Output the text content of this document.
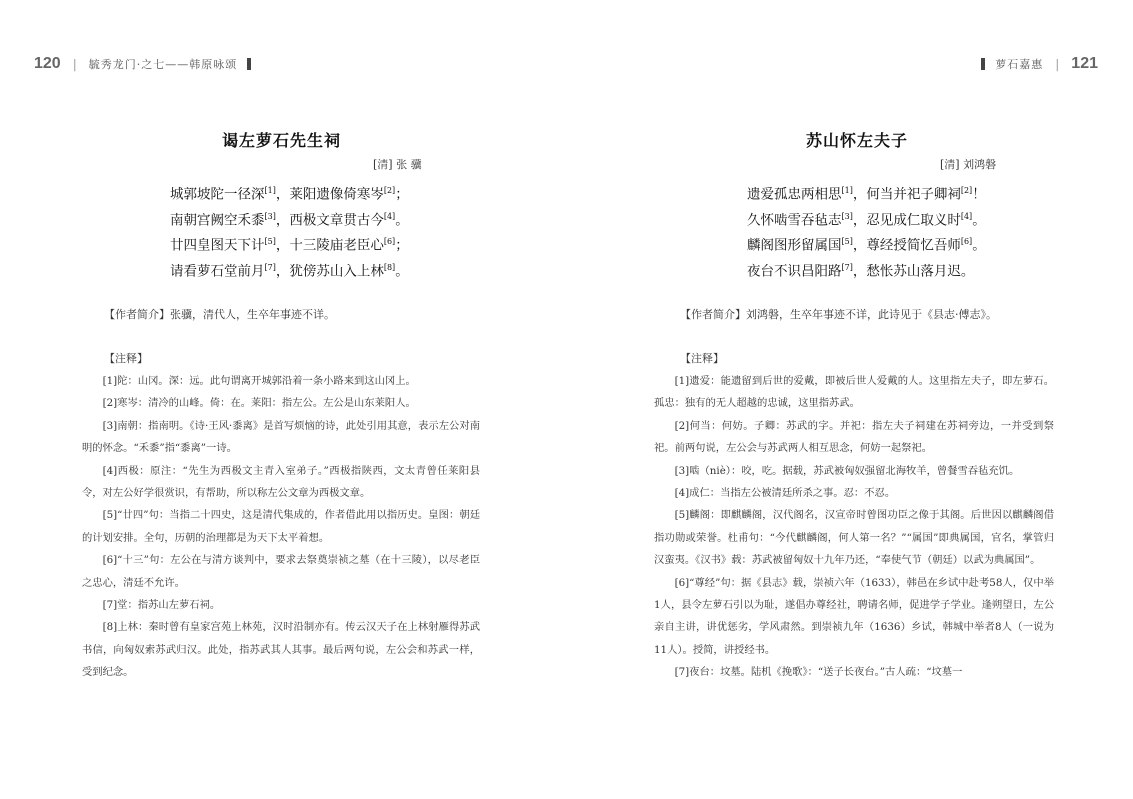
120 | 毓秀龙门·之七——韩原咏颂
谒左萝石先生祠
[清] 张 骥
城郭坡陀一径深[1]，莱阳遗像倚寒岑[2]；
南朝宫阙空禾黍[3]，西极文章贯古今[4]。
廿四皇图天下计[5]，十三陵庙老臣心[6]；
请看萝石堂前月[7]，犹傍苏山入上林[8]。
【作者简介】张骥，清代人，生卒年事迹不详。
【注释】

[1]陀：山冈。深：远。此句谓离开城郭沿着一条小路来到这山冈上。

[2]寒岑：清冷的山峰。倚：在。莱阳：指左公。左公是山东莱阳人。

[3]南朝：指南明。《诗·王风·黍离》是首写烦恼的诗，此处引用其意，表示左公对南明的怀念。“禾黍”指“黍离”一诗。

[4]西极：原注：“先生为西极文主青入室弟子。”西极指陕西，文太青曾任莱阳县令，对左公好学很赏识，有帮助，所以称左公文章为西极文章。

[5]“廿四”句：当指二十四史，这是清代集成的，作者借此用以指历史。皇图：朝廷的计划安排。全句，历朝的治理都是为天下太平着想。

[6]“十三”句：左公在与清方谈判中，要求去祭奠崇祯之墓（在十三陵），以尽老臣之忠心，清廷不允许。

[7]堂：指苏山左萝石祠。

[8]上林：秦时曾有皇家宫苑上林苑，汉时沿制亦有。传云汉天子在上林射雁得苏武书信，向匈奴索苏武归汉。此处，指苏武其人其事。最后两句说，左公会和苏武一样，受到纪念。

萝石嘉惠 | 121
苏山怀左夫子
[清] 刘鸿磐
遗爱孤忠两相思[1]，何当并祀子卿祠[2]！
久怀啮雪吞毡志[3]，忍见成仁取义时[4]。
麟阁图形留属国[5]，尊经授简忆吾师[6]。
夜台不识昌阳路[7]，愁怅苏山落月迟。
【作者简介】刘鸿磐，生卒年事迹不详，此诗见于《县志·傅志》。
【注释】

[1]遗爱：能遗留到后世的爱戴，即被后世人爱戴的人。这里指左夫子，即左萝石。孤忠：独有的无人超越的忠诚，这里指苏武。

[2]何当：何妨。子卿：苏武的字。并祀：指左夫子祠建在苏祠旁边，一并受到祭祀。前两句说，左公会与苏武两人相互思念，何妨一起祭祀。

[3]啮（niè）：咬，吃。据载，苏武被匈奴强留北海牧羊，曾餐雪吞毡充饥。

[4]成仁：当指左公被清廷所杀之事。忍：不忍。

[5]麟阁：即麒麟阁，汉代阁名，汉宣帝时曾图功臣之像于其阁。后世因以麒麟阁借指功勋或荣誉。杜甫句：“今代麒麟阁，何人第一名？”“属国”即典属国，官名，掌管归汉蛮夷。《汉书》载：苏武被留匈奴十九年乃还，“奉使气节（朝廷）以武为典属国”。

[6]“尊经”句：据《县志》载，崇祯六年（1633），韩邑在乡试中赴考58人，仅中举1人，县令左萝石引以为耻，遂倡办尊经社，聘请名师，促进学子学业。逢朔望日，左公亲自主讲，讲优惩劣，学风肃然。到崇祯九年（1636）乡试，韩城中举者8人（一说为11人）。授简，讲授经书。

[7]夜台：坟墓。陆机《挽歌》：“送子长夜台。”古人疏：“坟墓一
